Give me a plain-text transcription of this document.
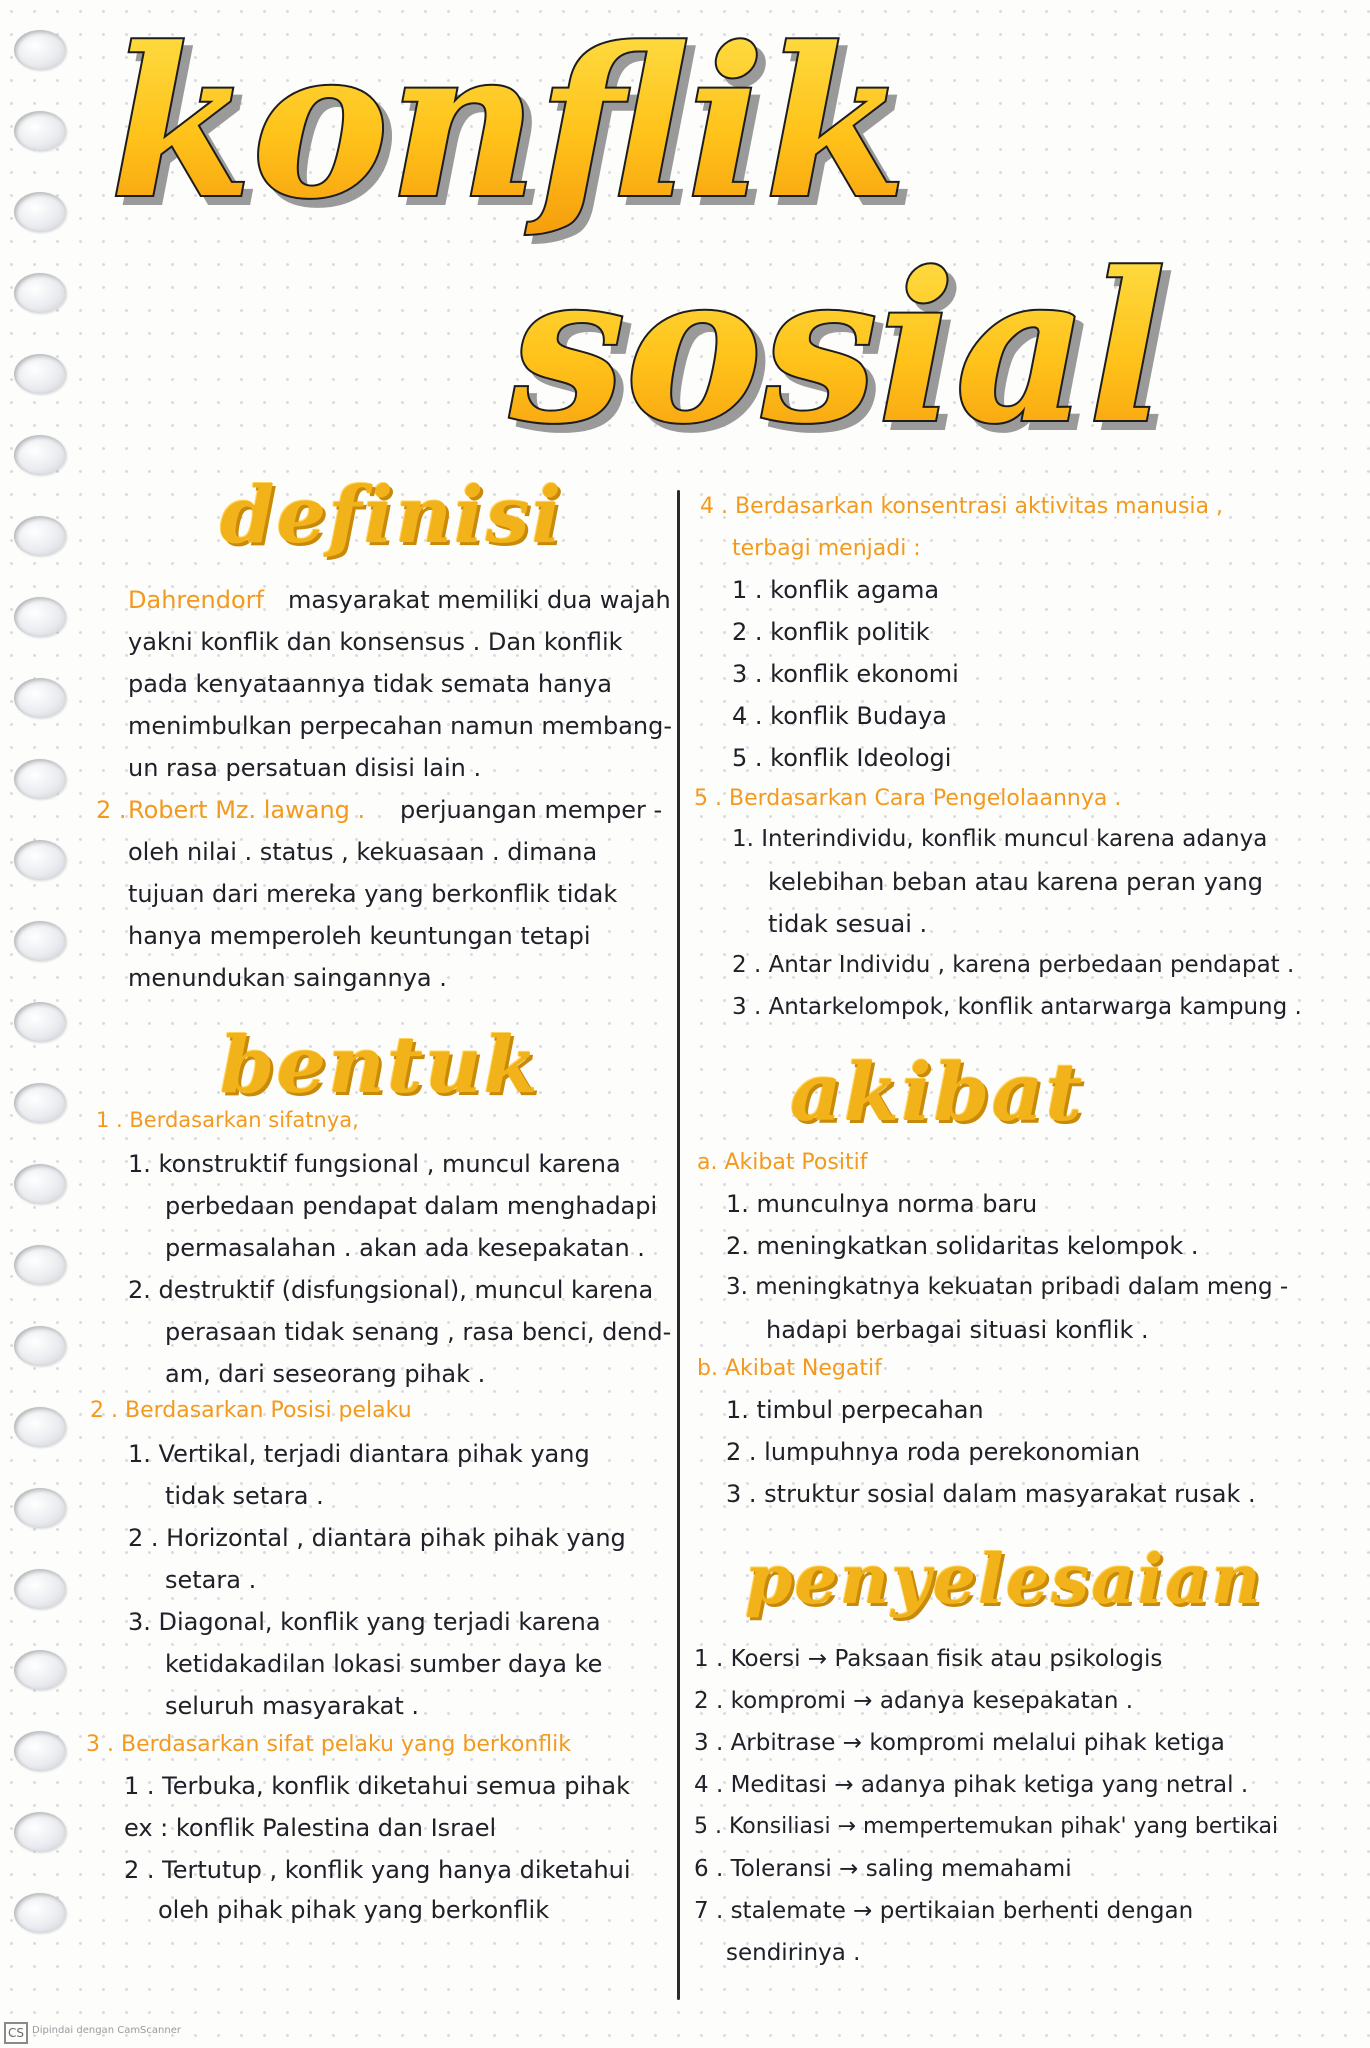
konflik
sosial
definisi
bentuk	akibat
penyelesaian
Dahrendorf masyarakat memiliki dua wajah
yakni konflik dan konsensus . Dan konflik
pada kenyataannya tidak semata hanya
menimbulkan perpecahan namun membang-
un rasa persatuan disisi lain .
2 . Robert Mz. lawang . perjuangan memper -
oleh nilai . status , kekuasaan . dimana
tujuan dari mereka yang berkonflik tidak
hanya memperoleh keuntungan tetapi
menundukan saingannya .
1 . Berdasarkan sifatnya,
1. konstruktif fungsional , muncul karena
perbedaan pendapat dalam menghadapi
permasalahan . akan ada kesepakatan .
2. destruktif (disfungsional), muncul karena
perasaan tidak senang , rasa benci, dend-
am, dari seseorang pihak .
2 . Berdasarkan Posisi pelaku
1. Vertikal, terjadi diantara pihak yang
tidak setara .
2 . Horizontal , diantara pihak pihak yang
setara .
3. Diagonal, konflik yang terjadi karena
ketidakadilan lokasi sumber daya ke
seluruh masyarakat .
3 . Berdasarkan sifat pelaku yang berkonflik
1 . Terbuka, konflik diketahui semua pihak
ex : konflik Palestina dan Israel
2 . Tertutup , konflik yang hanya diketahui
oleh pihak pihak yang berkonflik
4 . Berdasarkan konsentrasi aktivitas manusia ,
terbagi menjadi :
1 . konflik agama
2 . konflik politik
3 . konflik ekonomi
4 . konflik Budaya
5 . konflik Ideologi
5 . Berdasarkan Cara Pengelolaannya .
1. Interindividu, konflik muncul karena adanya
kelebihan beban atau karena peran yang
tidak sesuai .
2 . Antar Individu , karena perbedaan pendapat .
3 . Antarkelompok, konflik antarwarga kampung .
a. Akibat Positif
1. munculnya norma baru
2. meningkatkan solidaritas kelompok .
3. meningkatnya kekuatan pribadi dalam meng -
hadapi berbagai situasi konflik .
b. Akibat Negatif
1. timbul perpecahan
2 . lumpuhnya roda perekonomian
3 . struktur sosial dalam masyarakat rusak .
1 . Koersi → Paksaan fisik atau psikologis
2 . kompromi → adanya kesepakatan .
3 . Arbitrase → kompromi melalui pihak ketiga
4 . Meditasi → adanya pihak ketiga yang netral .
5 . Konsiliasi → mempertemukan pihak' yang bertikai
6 . Toleransi → saling memahami
7 . stalemate → pertikaian berhenti dengan
sendirinya .
CS Dipindai dengan CamScanner
